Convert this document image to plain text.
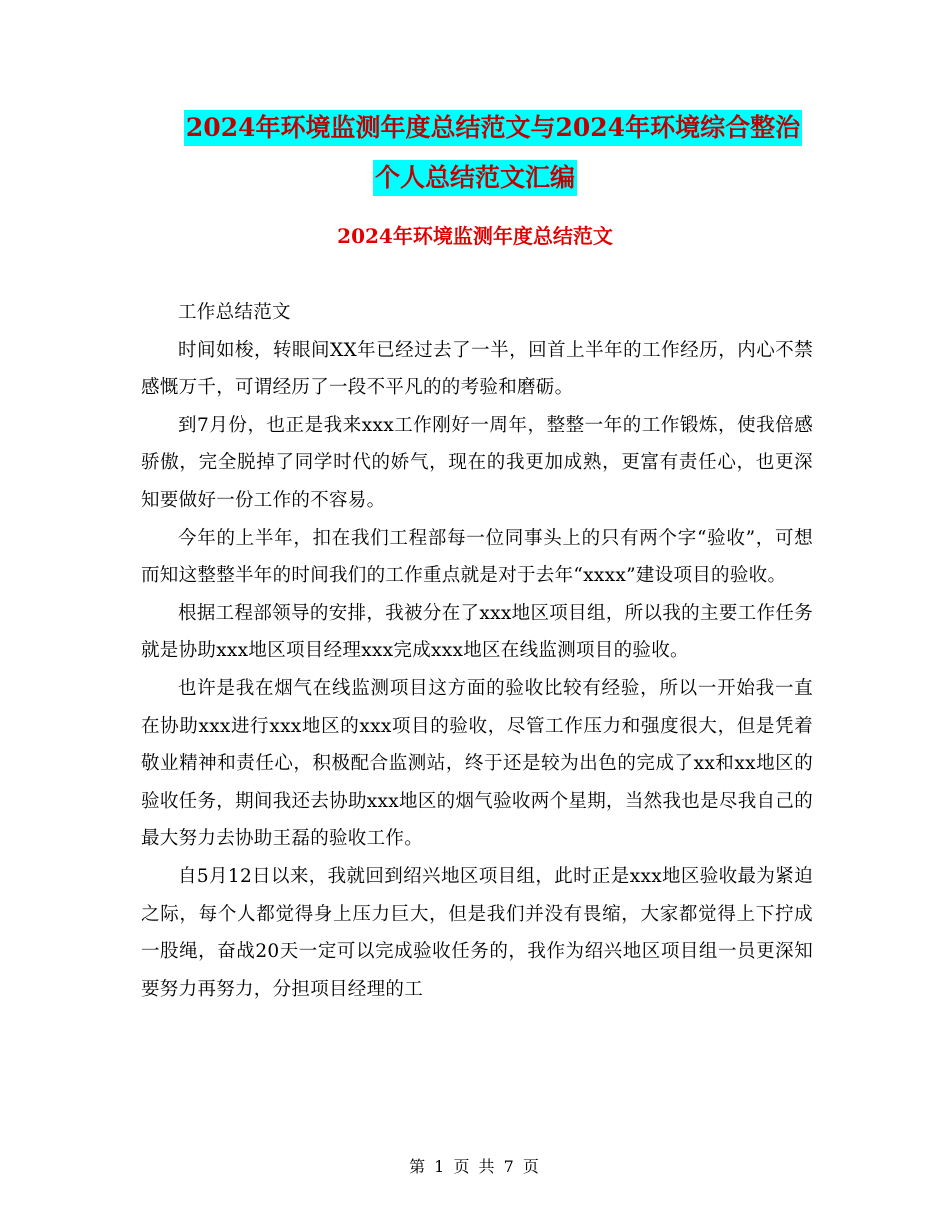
2024年环境监测年度总结范文与2024年环境综合整治
个人总结范文汇编
2024年环境监测年度总结范文

工作总结范文

时间如梭，转眼间XX年已经过去了一半，回首上半年的工作经历，内心不禁感慨万千，可谓经历了一段不平凡的的考验和磨砺。

到7月份，也正是我来xxx工作刚好一周年，整整一年的工作锻炼，使我倍感骄傲，完全脱掉了同学时代的娇气，现在的我更加成熟，更富有责任心，也更深知要做好一份工作的不容易。

今年的上半年，扣在我们工程部每一位同事头上的只有两个字“验收”，可想而知这整整半年的时间我们的工作重点就是对于去年“xxxx”建设项目的验收。

根据工程部领导的安排，我被分在了xxx地区项目组，所以我的主要工作任务就是协助xxx地区项目经理xxx完成xxx地区在线监测项目的验收。

也许是我在烟气在线监测项目这方面的验收比较有经验，所以一开始我一直在协助xxx进行xxx地区的xxx项目的验收，尽管工作压力和强度很大，但是凭着敬业精神和责任心，积极配合监测站，终于还是较为出色的完成了xx和xx地区的验收任务，期间我还去协助xxx地区的烟气验收两个星期，当然我也是尽我自己的最大努力去协助王磊的验收工作。

自5月12日以来，我就回到绍兴地区项目组，此时正是xxx地区验收最为紧迫之际，每个人都觉得身上压力巨大，但是我们并没有畏缩，大家都觉得上下拧成一股绳，奋战20天一定可以完成验收任务的，我作为绍兴地区项目组一员更深知要努力再努力，分担项目经理的工

第 1 页 共 7 页
